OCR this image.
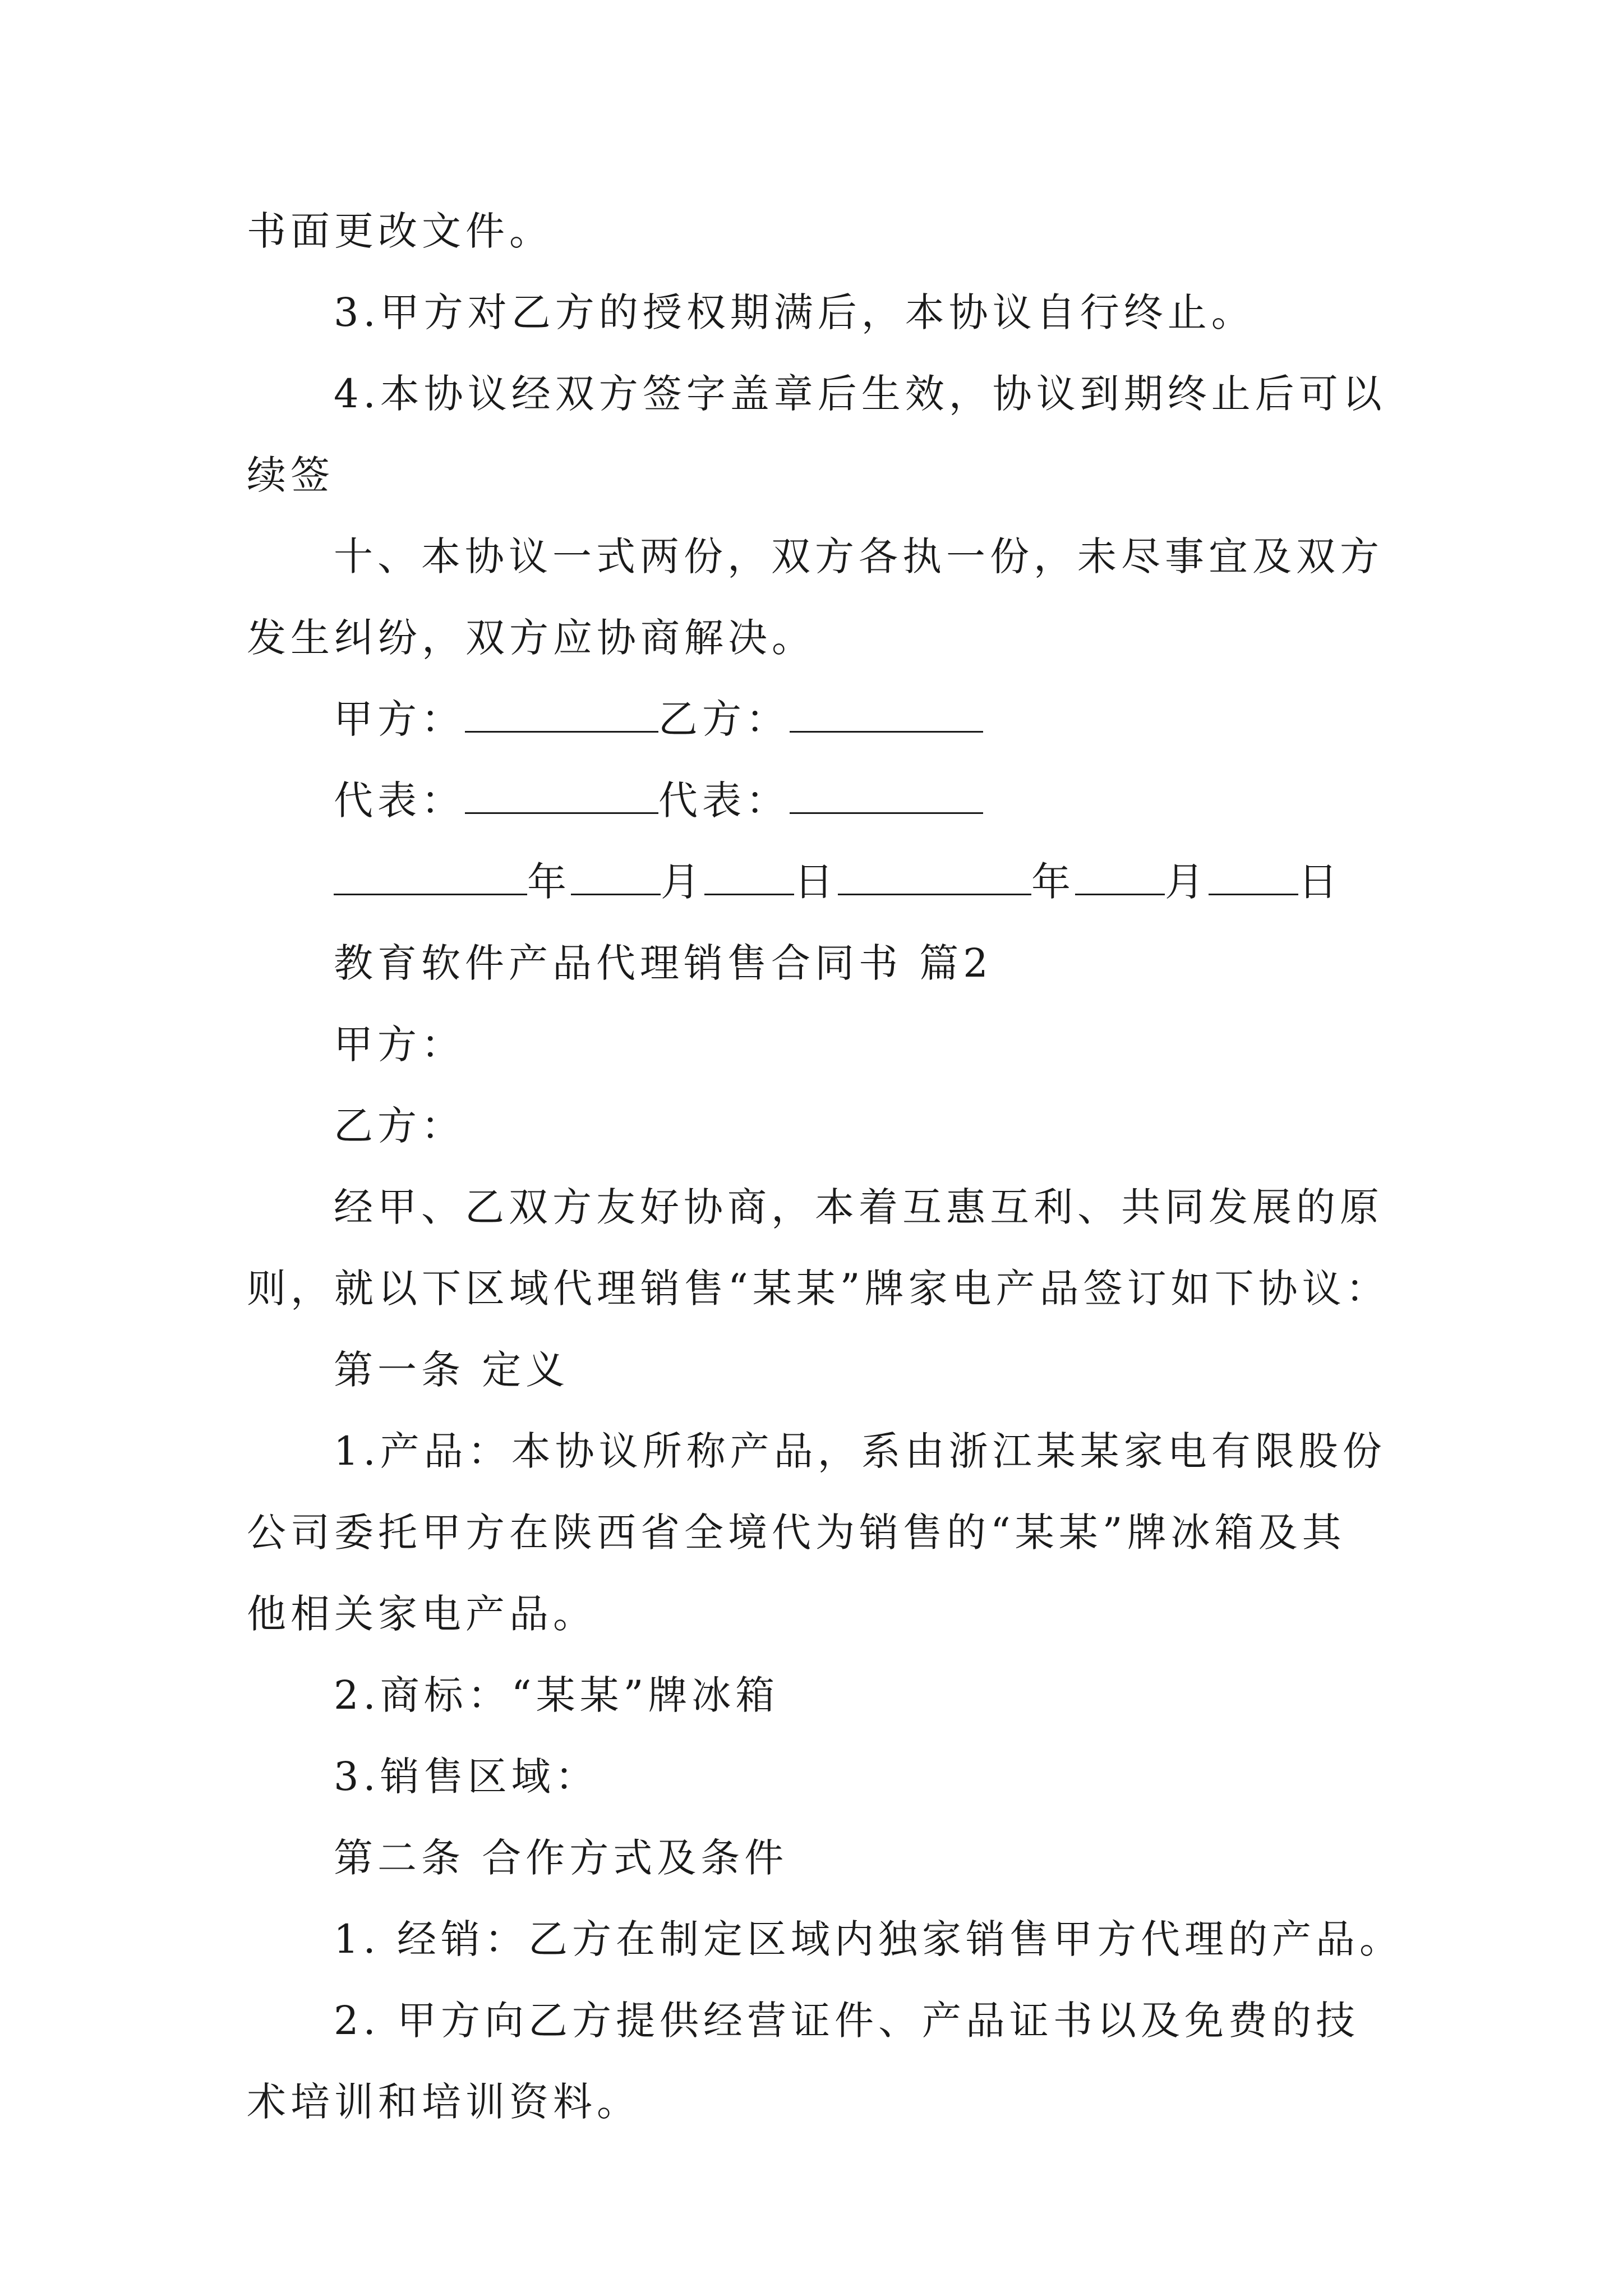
书面更改文件。
3.甲方对乙方的授权期满后，本协议自行终止。
4.本协议经双方签字盖章后生效，协议到期终止后可以
续签
十、本协议一式两份，双方各执一份，未尽事宜及双方
发生纠纷，双方应协商解决。
甲方：	乙方：
代表：	代表：
年 月 日	年 月 日
教育软件产品代理销售合同书 篇2
甲方：
乙方：
经甲、乙双方友好协商，本着互惠互利、共同发展的原
则，就以下区域代理销售“某某”牌家电产品签订如下协议：
第一条 定义
1.产品：本协议所称产品，系由浙江某某家电有限股份
公司委托甲方在陕西省全境代为销售的“某某”牌冰箱及其
他相关家电产品。
2.商标：“某某”牌冰箱
3.销售区域：
第二条 合作方式及条件
1. 经销：乙方在制定区域内独家销售甲方代理的产品。
2. 甲方向乙方提供经营证件、产品证书以及免费的技
术培训和培训资料。
